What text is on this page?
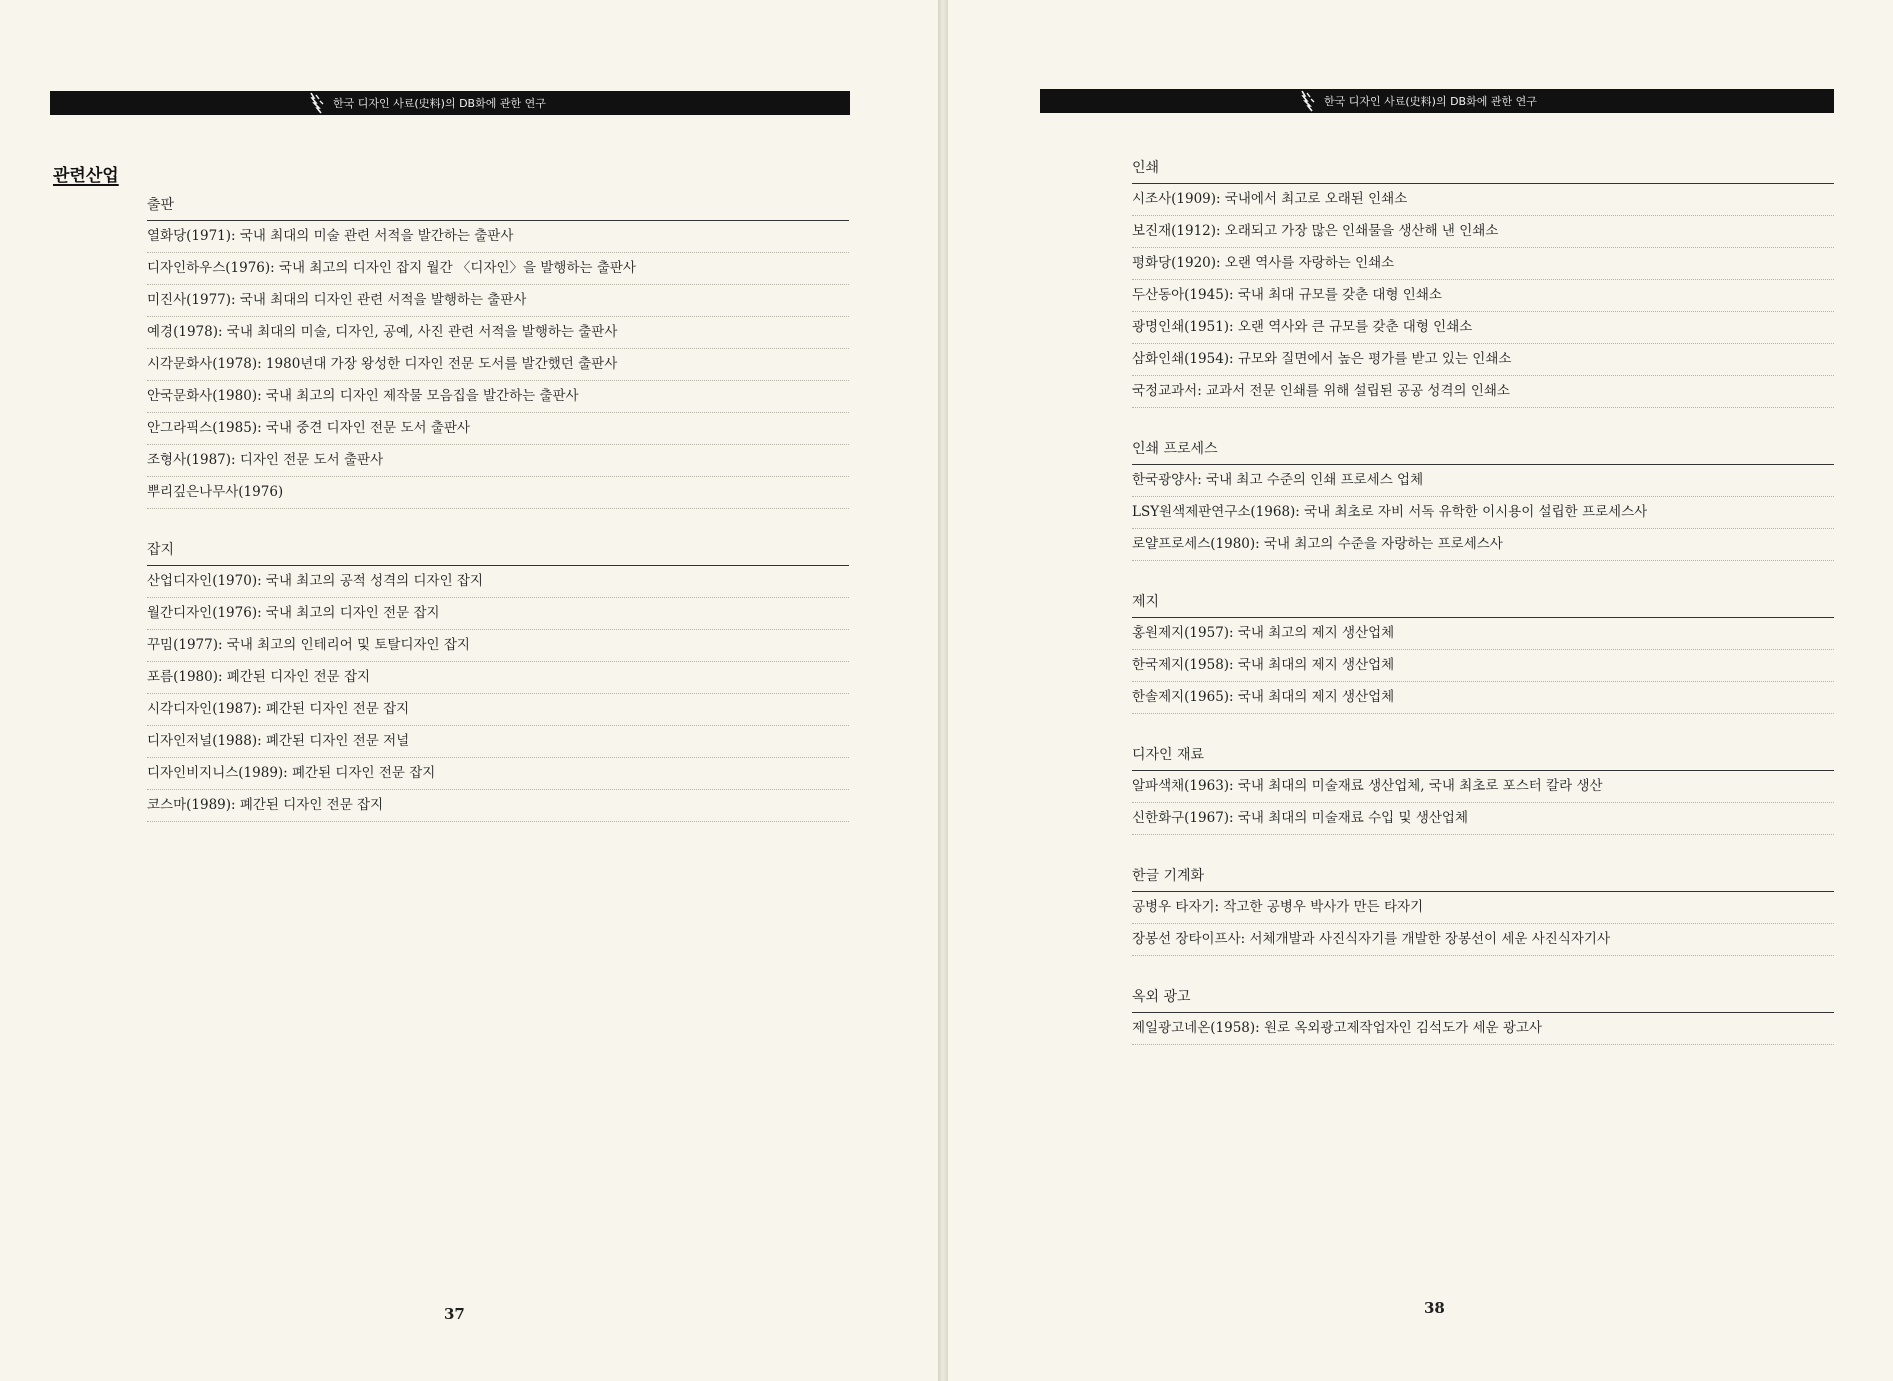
한국 디자인 사료(史料)의 DB화에 관한 연구
관련산업
출판
열화당(1971): 국내 최대의 미술 관련 서적을 발간하는 출판사
디자인하우스(1976): 국내 최고의 디자인 잡지 월간 〈디자인〉을 발행하는 출판사
미진사(1977): 국내 최대의 디자인 관련 서적을 발행하는 출판사
예경(1978): 국내 최대의 미술, 디자인, 공예, 사진 관련 서적을 발행하는 출판사
시각문화사(1978): 1980년대 가장 왕성한 디자인 전문 도서를 발간했던 출판사
안국문화사(1980): 국내 최고의 디자인 제작물 모음집을 발간하는 출판사
안그라픽스(1985): 국내 중견 디자인 전문 도서 출판사
조형사(1987): 디자인 전문 도서 출판사
뿌리깊은나무사(1976)
잡지
산업디자인(1970): 국내 최고의 공적 성격의 디자인 잡지
월간디자인(1976): 국내 최고의 디자인 전문 잡지
꾸밈(1977): 국내 최고의 인테리어 및 토탈디자인 잡지
포름(1980): 폐간된 디자인 전문 잡지
시각디자인(1987): 폐간된 디자인 전문 잡지
디자인저널(1988): 폐간된 디자인 전문 저널
디자인비지니스(1989): 폐간된 디자인 전문 잡지
코스마(1989): 폐간된 디자인 전문 잡지
37
한국 디자인 사료(史料)의 DB화에 관한 연구
인쇄
시조사(1909): 국내에서 최고로 오래된 인쇄소
보진재(1912): 오래되고 가장 많은 인쇄물을 생산해 낸 인쇄소
평화당(1920): 오랜 역사를 자랑하는 인쇄소
두산동아(1945): 국내 최대 규모를 갖춘 대형 인쇄소
광명인쇄(1951): 오랜 역사와 큰 규모를 갖춘 대형 인쇄소
삼화인쇄(1954): 규모와 질면에서 높은 평가를 받고 있는 인쇄소
국정교과서: 교과서 전문 인쇄를 위해 설립된 공공 성격의 인쇄소
인쇄 프로세스
한국광양사: 국내 최고 수준의 인쇄 프로세스 업체
LSY원색제판연구소(1968): 국내 최초로 자비 서독 유학한 이시용이 설립한 프로세스사
로얄프로세스(1980): 국내 최고의 수준을 자랑하는 프로세스사
제지
홍원제지(1957): 국내 최고의 제지 생산업체
한국제지(1958): 국내 최대의 제지 생산업체
한솔제지(1965): 국내 최대의 제지 생산업체
디자인 재료
알파색채(1963): 국내 최대의 미술재료 생산업체, 국내 최초로 포스터 칼라 생산
신한화구(1967): 국내 최대의 미술재료 수입 및 생산업체
한글 기계화
공병우 타자기: 작고한 공병우 박사가 만든 타자기
장봉선 장타이프사: 서체개발과 사진식자기를 개발한 장봉선이 세운 사진식자기사
옥외 광고
제일광고네온(1958): 원로 옥외광고제작업자인 김석도가 세운 광고사
38
